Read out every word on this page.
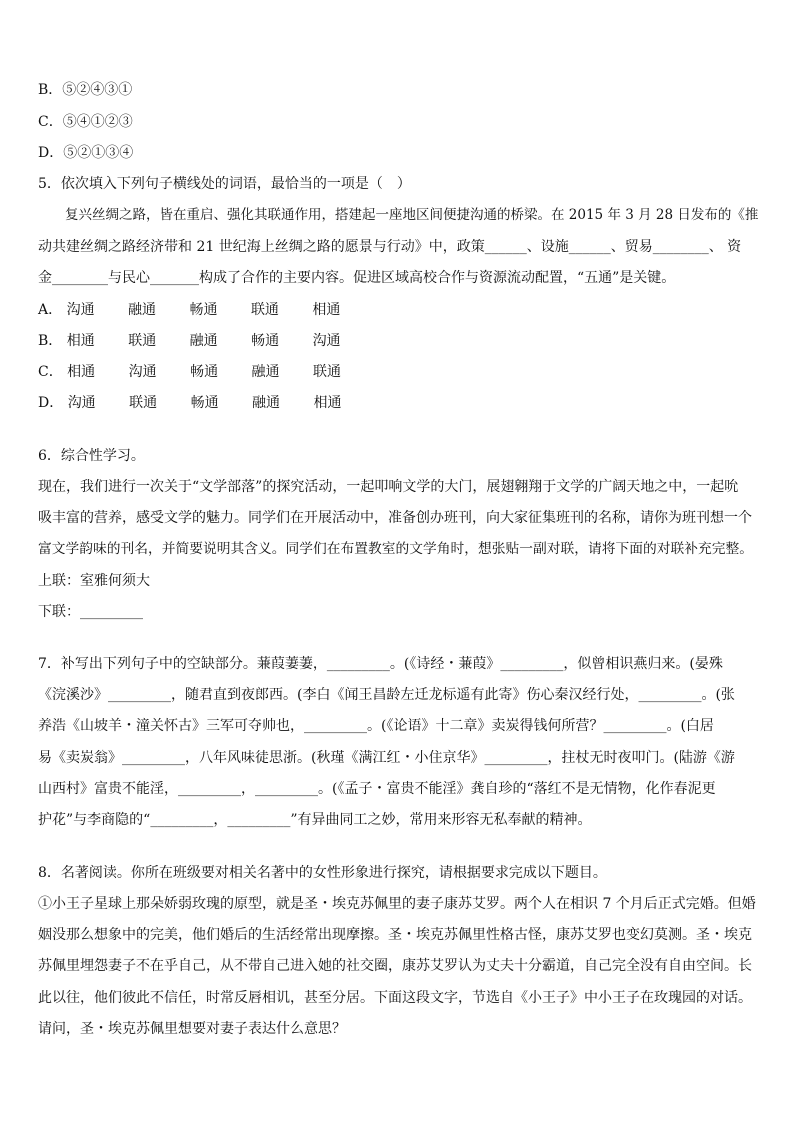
B．⑤②④③①
C．⑤④①②③
D．⑤②①③④
5．依次填入下列句子横线处的词语，最恰当的一项是（　）
复兴丝绸之路，皆在重启、强化其联通作用，搭建起一座地区间便捷沟通的桥梁。在 2015 年 3 月 28 日发布的《推
动共建丝绸之路经济带和 21 世纪海上丝绸之路的愿景与行动》中，政策______、设施______、贸易________、 资
金________与民心_______构成了合作的主要内容。促进区域高校合作与资源流动配置，“五通”是关键。
A． 沟通 融通 畅通 联通 相通
B． 相通 联通 融通 畅通 沟通
C． 相通 沟通 畅通 融通 联通
D． 沟通 联通 畅通 融通 相通
6．综合性学习。
现在，我们进行一次关于“文学部落”的探究活动，一起叩响文学的大门，展翅翱翔于文学的广阔天地之中，一起吮
吸丰富的营养，感受文学的魅力。同学们在开展活动中，准备创办班刊，向大家征集班刊的名称，请你为班刊想一个
富文学韵味的刊名，并简要说明其含义。同学们在布置教室的文学角时，想张贴一副对联，请将下面的对联补充完整。
上联：室雅何须大
下联：_________
7．补写出下列句子中的空缺部分。蒹葭萋萋，_________。(《诗经・蒹葭》_________，似曾相识燕归来。(晏殊
《浣溪沙》_________，随君直到夜郎西。(李白《闻王昌龄左迁龙标遥有此寄》伤心秦汉经行处，_________。(张
养浩《山坡羊・潼关怀古》三军可夺帅也，_________。(《论语》十二章》卖炭得钱何所营？_________。(白居
易《卖炭翁》_________，八年风味徒思浙。(秋瑾《满江红・小住京华》_________，拄杖无时夜叩门。(陆游《游
山西村》富贵不能淫，_________，_________。(《孟子・富贵不能淫》龚自珍的“落红不是无情物，化作春泥更
护花”与李商隐的“_________，_________”有异曲同工之妙，常用来形容无私奉献的精神。
8．名著阅读。你所在班级要对相关名著中的女性形象进行探究，请根据要求完成以下题目。
①小王子星球上那朵娇弱玫瑰的原型，就是圣・埃克苏佩里的妻子康苏艾罗。两个人在相识 7 个月后正式完婚。但婚
姻没那么想象中的完美，他们婚后的生活经常出现摩擦。圣・埃克苏佩里性格古怪，康苏艾罗也变幻莫测。圣・埃克
苏佩里埋怨妻子不在乎自己，从不带自己进入她的社交圈，康苏艾罗认为丈夫十分霸道，自己完全没有自由空间。长
此以往，他们彼此不信任，时常反唇相讥，甚至分居。下面这段文字，节选自《小王子》中小王子在玫瑰园的对话。
请问，圣・埃克苏佩里想要对妻子表达什么意思？
